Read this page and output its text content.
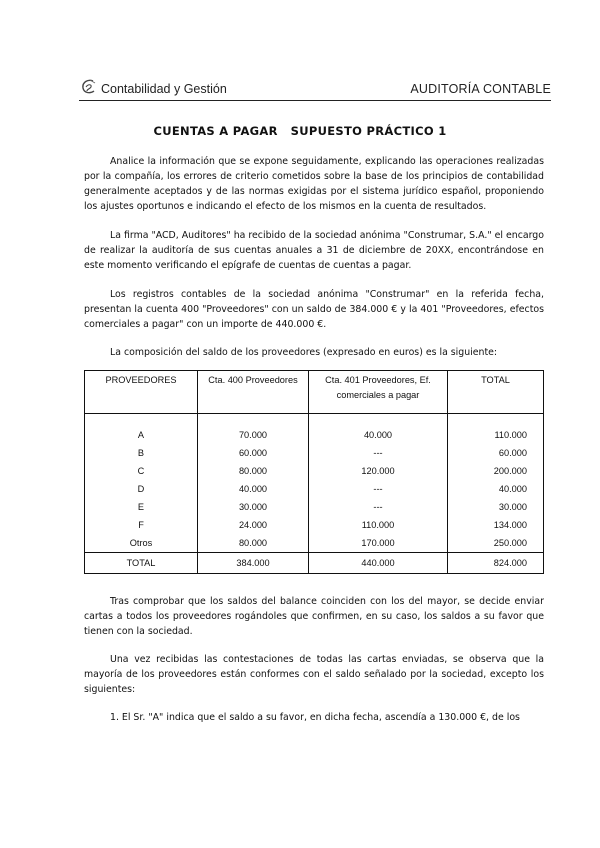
Contabilidad y Gestión	AUDITORÍA CONTABLE
CUENTAS A PAGAR   SUPUESTO PRÁCTICO 1

Analice la información que se expone seguidamente, explicando las operaciones realizadas por la compañía, los errores de criterio cometidos sobre la base de los principios de contabilidad generalmente aceptados y de las normas exigidas por el sistema jurídico español, proponiendo los ajustes oportunos e indicando el efecto de los mismos en la cuenta de resultados.

La firma "ACD, Auditores" ha recibido de la sociedad anónima "Construmar, S.A." el encargo de realizar la auditoría de sus cuentas anuales a 31 de diciembre de 20XX, encontrándose en este momento verificando el epígrafe de cuentas de cuentas a pagar.

Los registros contables de la sociedad anónima "Construmar" en la referida fecha, presentan la cuenta 400 "Proveedores" con un saldo de 384.000 € y la 401 "Proveedores, efectos comerciales a pagar" con un importe de 440.000 €.

La composición del saldo de los proveedores (expresado en euros) es la siguiente:

PROVEEDORES	Cta. 400 Proveedores	Cta. 401 Proveedores, Ef. comerciales a pagar	TOTAL

A	70.000	40.000	110.000
B	60.000	---	60.000
C	80.000	120.000	200.000
D	40.000	---	40.000
E	30.000	---	30.000
F	24.000	110.000	134.000
Otros	80.000	170.000	250.000
TOTAL	384.000	440.000	824.000

Tras comprobar que los saldos del balance coinciden con los del mayor, se decide enviar cartas a todos los proveedores rogándoles que confirmen, en su caso, los saldos a su favor que tienen con la sociedad.

Una vez recibidas las contestaciones de todas las cartas enviadas, se observa que la mayoría de los proveedores están conformes con el saldo señalado por la sociedad, excepto los siguientes:

1. El Sr. "A" indica que el saldo a su favor, en dicha fecha, ascendía a 130.000 €, de los
